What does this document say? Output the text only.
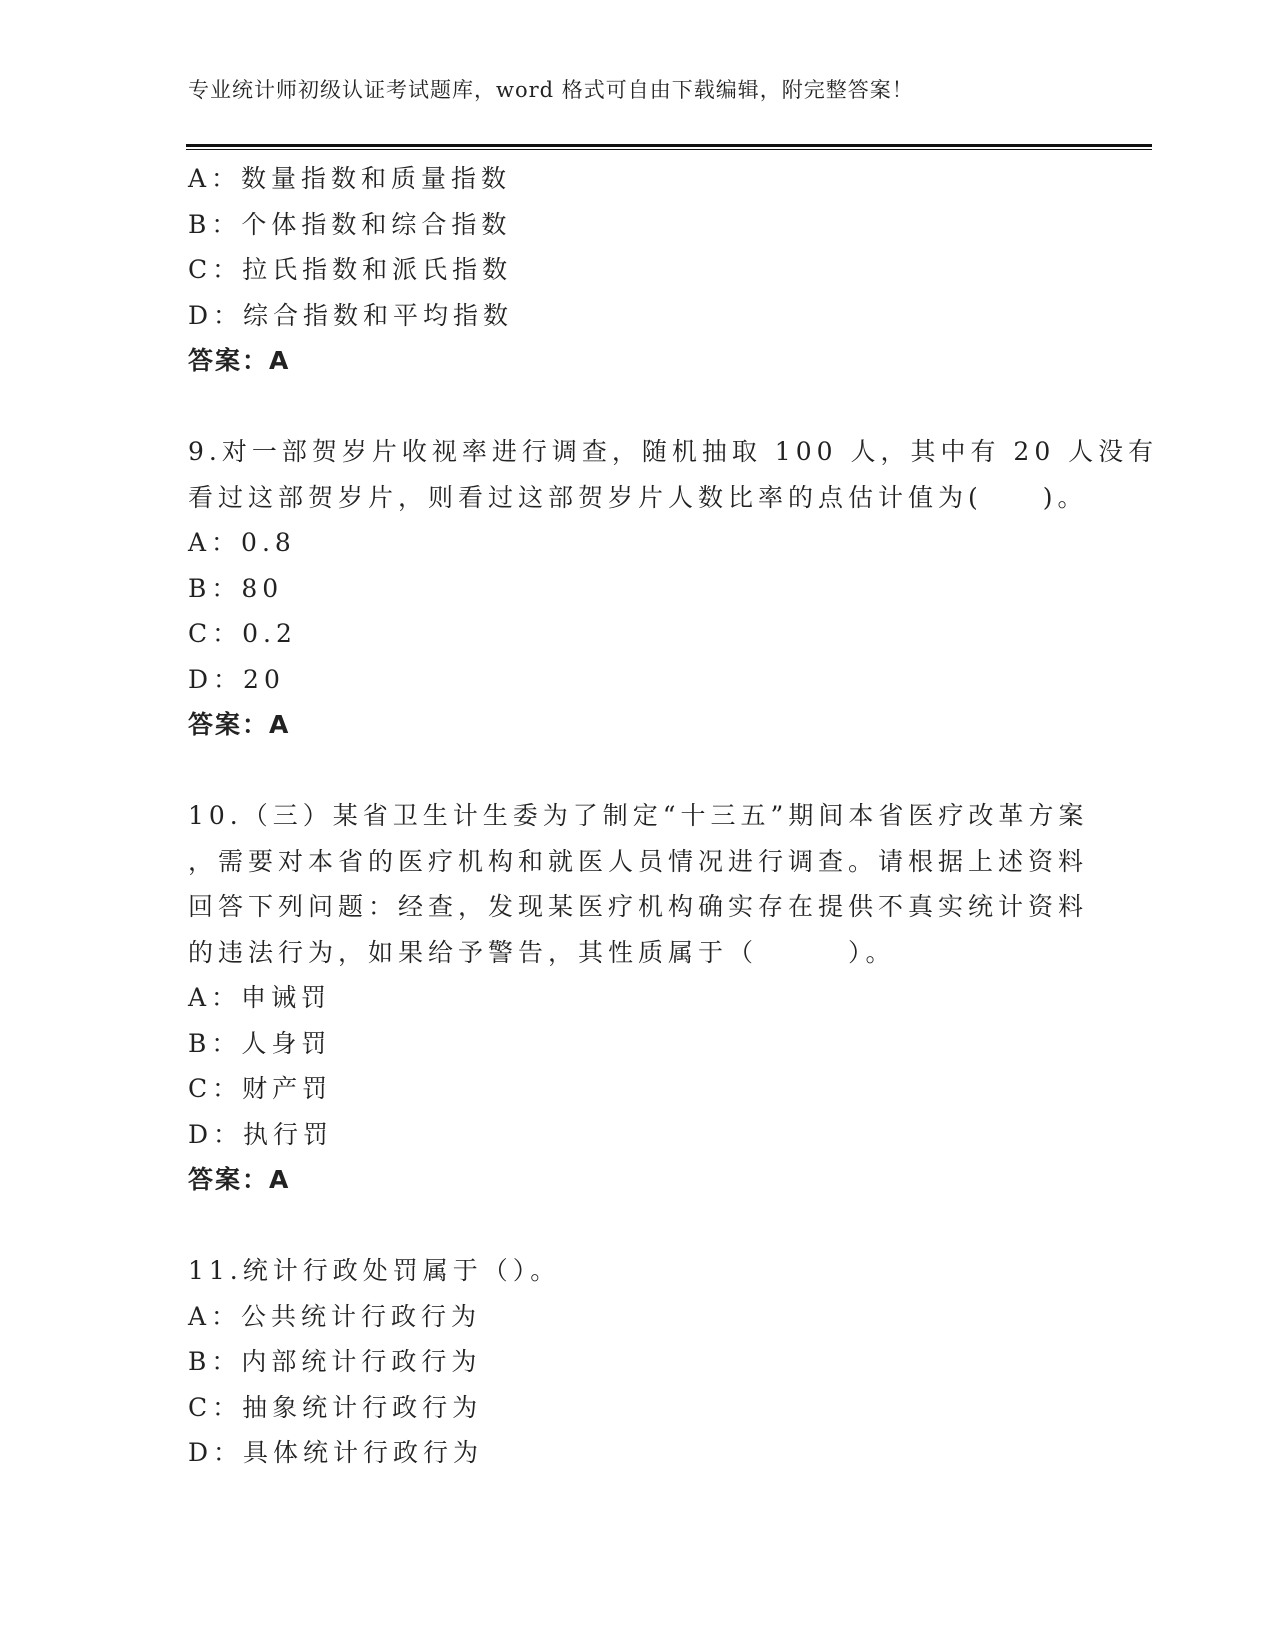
专业统计师初级认证考试题库，word 格式可自由下载编辑，附完整答案！
A：数量指数和质量指数
B：个体指数和综合指数
C：拉氏指数和派氏指数
D：综合指数和平均指数
答案：A
9.对一部贺岁片收视率进行调查，随机抽取 100 人，其中有 20 人没有
看过这部贺岁片，则看过这部贺岁片人数比率的点估计值为(　　)。
A：0.8
B：80
C：0.2
D：20
答案：A
10.（三）某省卫生计生委为了制定“十三五”期间本省医疗改革方案
，需要对本省的医疗机构和就医人员情况进行调查。请根据上述资料
回答下列问题：经查，发现某医疗机构确实存在提供不真实统计资料
的违法行为，如果给予警告，其性质属于（　　　）。
A：申诫罚
B：人身罚
C：财产罚
D：执行罚
答案：A
11.统计行政处罚属于（）。
A：公共统计行政行为
B：内部统计行政行为
C：抽象统计行政行为
D：具体统计行政行为
